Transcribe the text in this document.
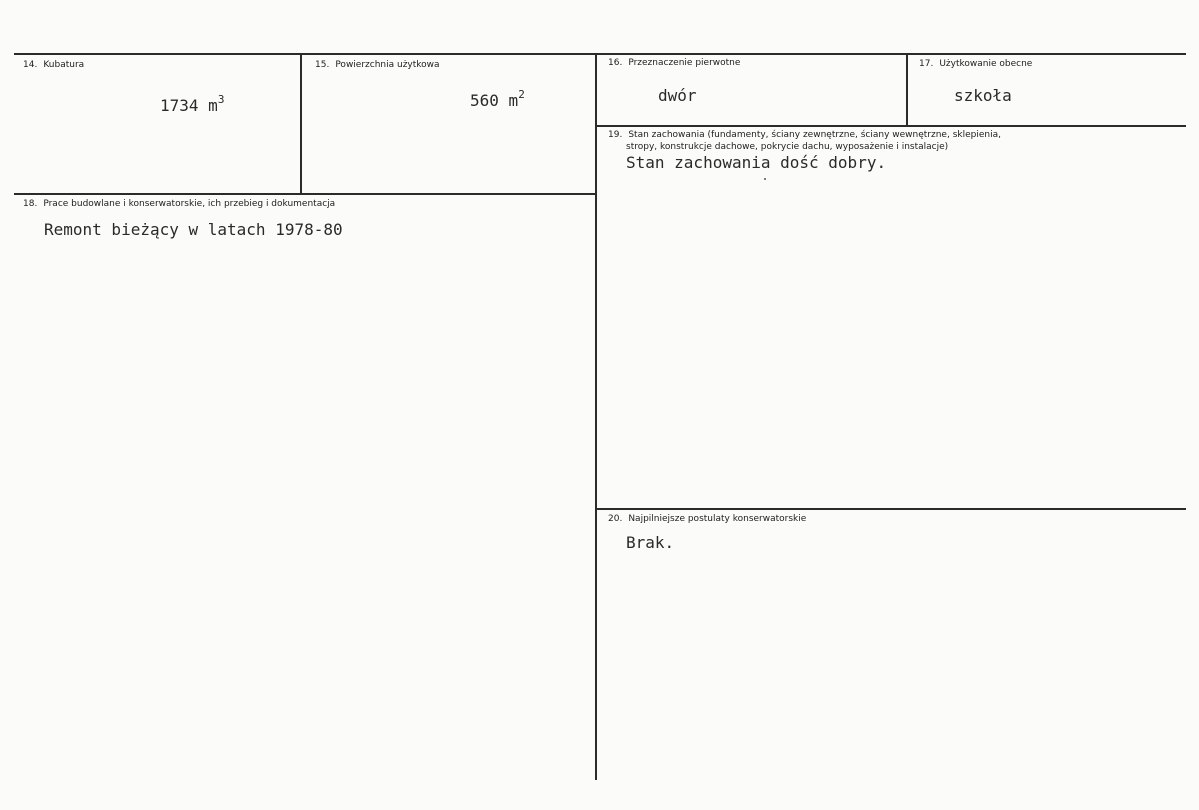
14. Kubatura
1734 $m^3$
15. Powierzchnia użytkowa
560 $m^2$
16. Przeznaczenie pierwotne
dwór
17. Użytkowanie obecne
szkoła
19. Stan zachowania (fundamenty, ściany zewnętrzne, ściany wewnętrzne, sklepienia,
stropy, konstrukcje dachowe, pokrycie dachu, wyposażenie i instalacje)
Stan zachowania dość dobry.
18. Prace budowlane i konserwatorskie, ich przebieg i dokumentacja
Remont bieżący w latach 1978-80
20. Najpilniejsze postulaty konserwatorskie
Brak.
